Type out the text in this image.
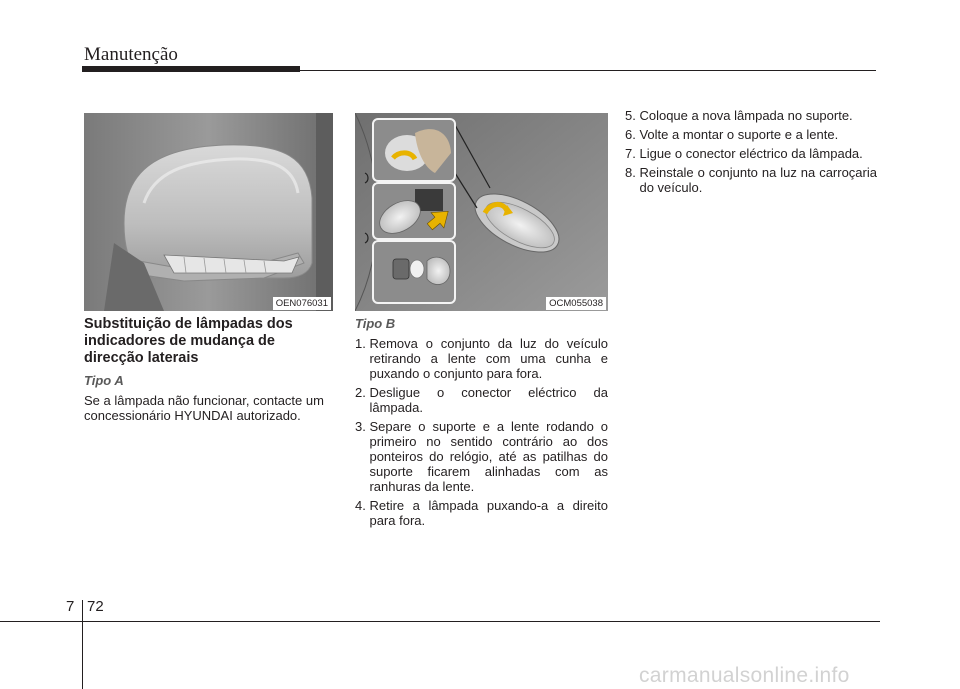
Manutenção
OEN076031	OCM055038
Substituição de lâmpadas dos indicadores de mudança de direcção laterais
Tipo A

Se a lâmpada não funcionar, contacte um concessionário HYUNDAI autorizado.

Tipo B
1. Remova o conjunto da luz do veículo retirando a lente com uma cunha e puxando o conjunto para fora.
2. Desligue o conector eléctrico da lâmpada.
3. Separe o suporte e a lente rodando o primeiro no sentido contrário ao dos ponteiros do relógio, até as patilhas do suporte ficarem alinhadas com as ranhuras da lente.
4. Retire a lâmpada puxando-a a direito para fora.
5. Coloque a nova lâmpada no suporte.
6. Volte a montar o suporte e a lente.
7. Ligue o conector eléctrico da lâmpada.
8. Reinstale o conjunto na luz na carroçaria do veículo.
7 72
carmanualsonline.info
